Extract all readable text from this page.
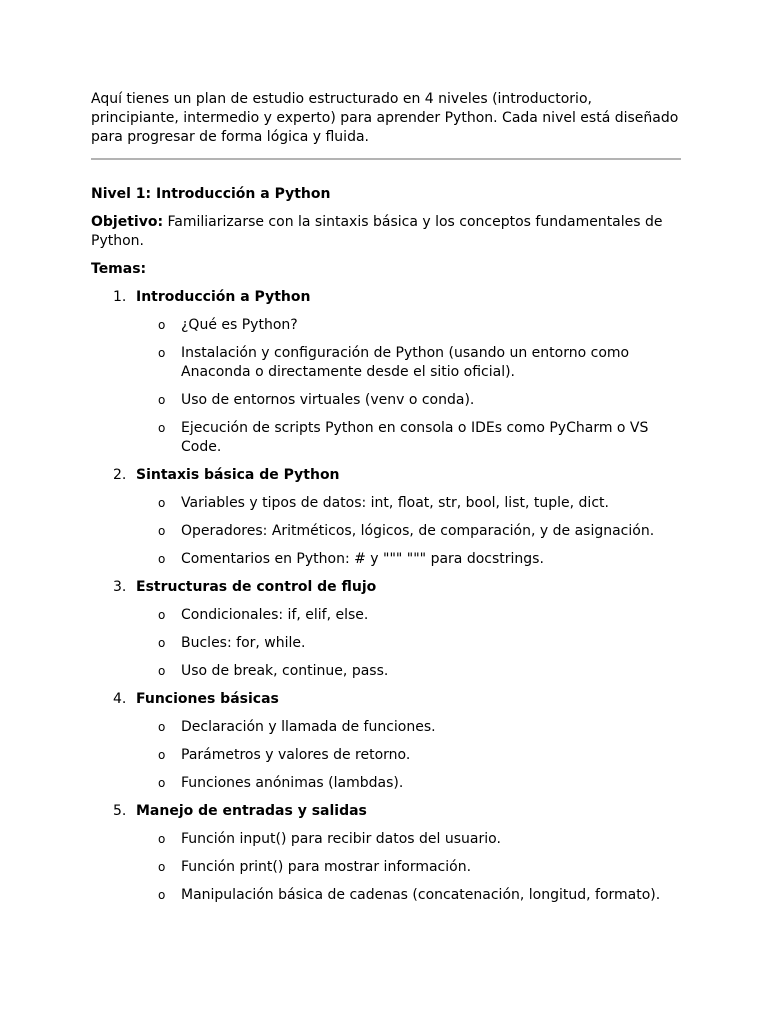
Aquí tienes un plan de estudio estructurado en 4 niveles (introductorio, principiante, intermedio y experto) para aprender Python. Cada nivel está diseñado para progresar de forma lógica y fluida.

Nivel 1: Introducción a Python

Objetivo: Familiarizarse con la sintaxis básica y los conceptos fundamentales de Python.

Temas:

1. Introducción a Python
o ¿Qué es Python?
o Instalación y configuración de Python (usando un entorno como Anaconda o directamente desde el sitio oficial).
o Uso de entornos virtuales (venv o conda).
o Ejecución de scripts Python en consola o IDEs como PyCharm o VS Code.
2. Sintaxis básica de Python
o Variables y tipos de datos: int, float, str, bool, list, tuple, dict.
o Operadores: Aritméticos, lógicos, de comparación, y de asignación.
o Comentarios en Python: # y """ """ para docstrings.
3. Estructuras de control de flujo
o Condicionales: if, elif, else.
o Bucles: for, while.
o Uso de break, continue, pass.
4. Funciones básicas
o Declaración y llamada de funciones.
o Parámetros y valores de retorno.
o Funciones anónimas (lambdas).
5. Manejo de entradas y salidas
o Función input() para recibir datos del usuario.
o Función print() para mostrar información.
o Manipulación básica de cadenas (concatenación, longitud, formato).
